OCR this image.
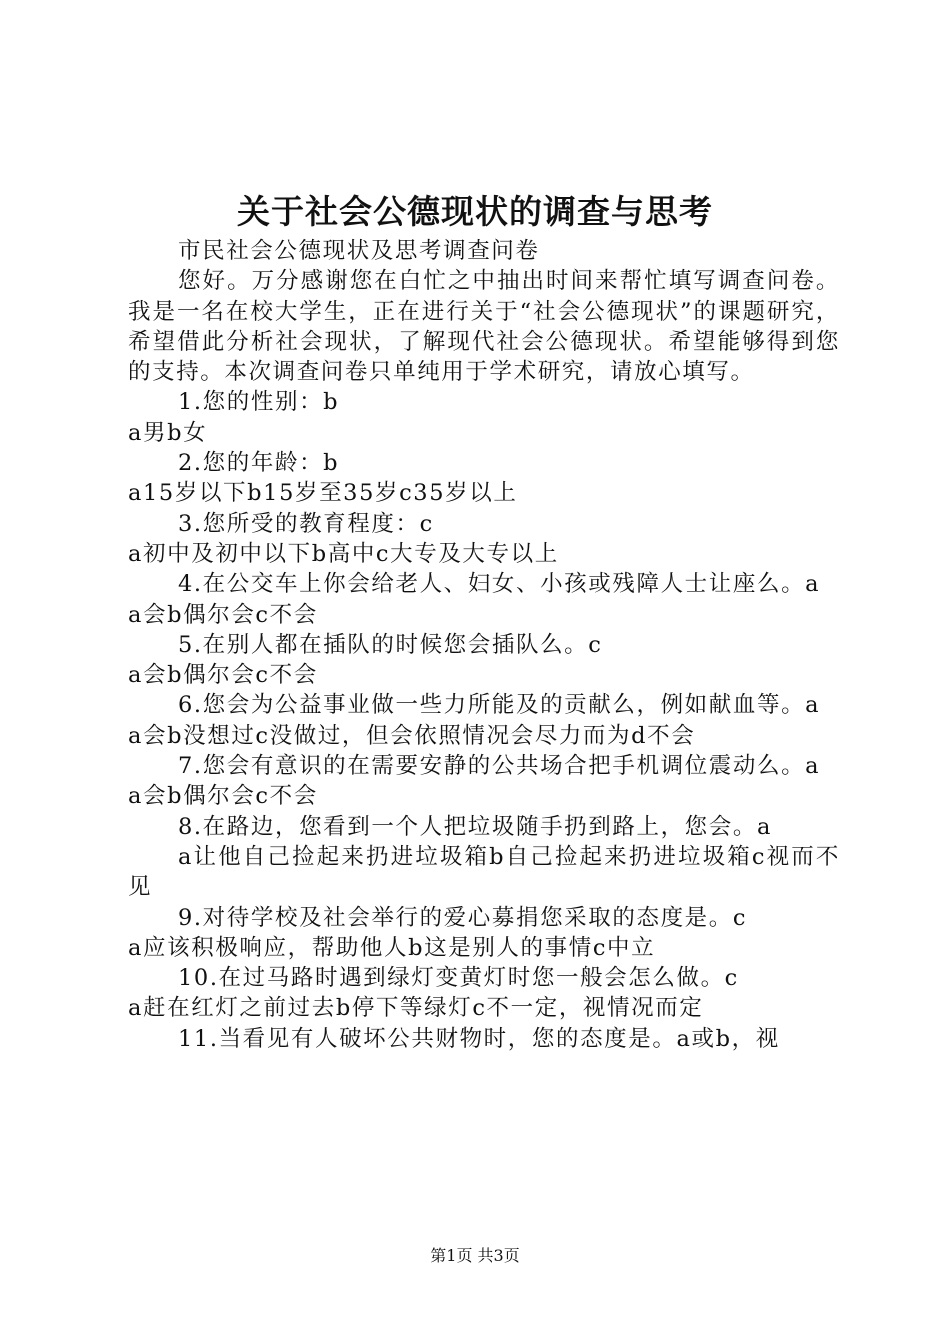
关于社会公德现状的调查与思考

市民社会公德现状及思考调查问卷

您好。万分感谢您在白忙之中抽出时间来帮忙填写调查问卷。我是一名在校大学生，正在进行关于“社会公德现状”的课题研究，希望借此分析社会现状，了解现代社会公德现状。希望能够得到您的支持。本次调查问卷只单纯用于学术研究，请放心填写。

1.您的性别：b

a男b女

2.您的年龄：b

a15岁以下b15岁至35岁c35岁以上

3.您所受的教育程度：c

a初中及初中以下b高中c大专及大专以上

4.在公交车上你会给老人、妇女、小孩或残障人士让座么。a

a会b偶尔会c不会

5.在别人都在插队的时候您会插队么。c

a会b偶尔会c不会

6.您会为公益事业做一些力所能及的贡献么，例如献血等。a

a会b没想过c没做过，但会依照情况会尽力而为d不会

7.您会有意识的在需要安静的公共场合把手机调位震动么。a

a会b偶尔会c不会

8.在路边，您看到一个人把垃圾随手扔到路上，您会。a

a让他自己捡起来扔进垃圾箱b自己捡起来扔进垃圾箱c视而不见

9.对待学校及社会举行的爱心募捐您采取的态度是。c

a应该积极响应，帮助他人b这是别人的事情c中立

10.在过马路时遇到绿灯变黄灯时您一般会怎么做。c

a赶在红灯之前过去b停下等绿灯c不一定，视情况而定

11.当看见有人破坏公共财物时，您的态度是。a或b，视

第1页 共3页
